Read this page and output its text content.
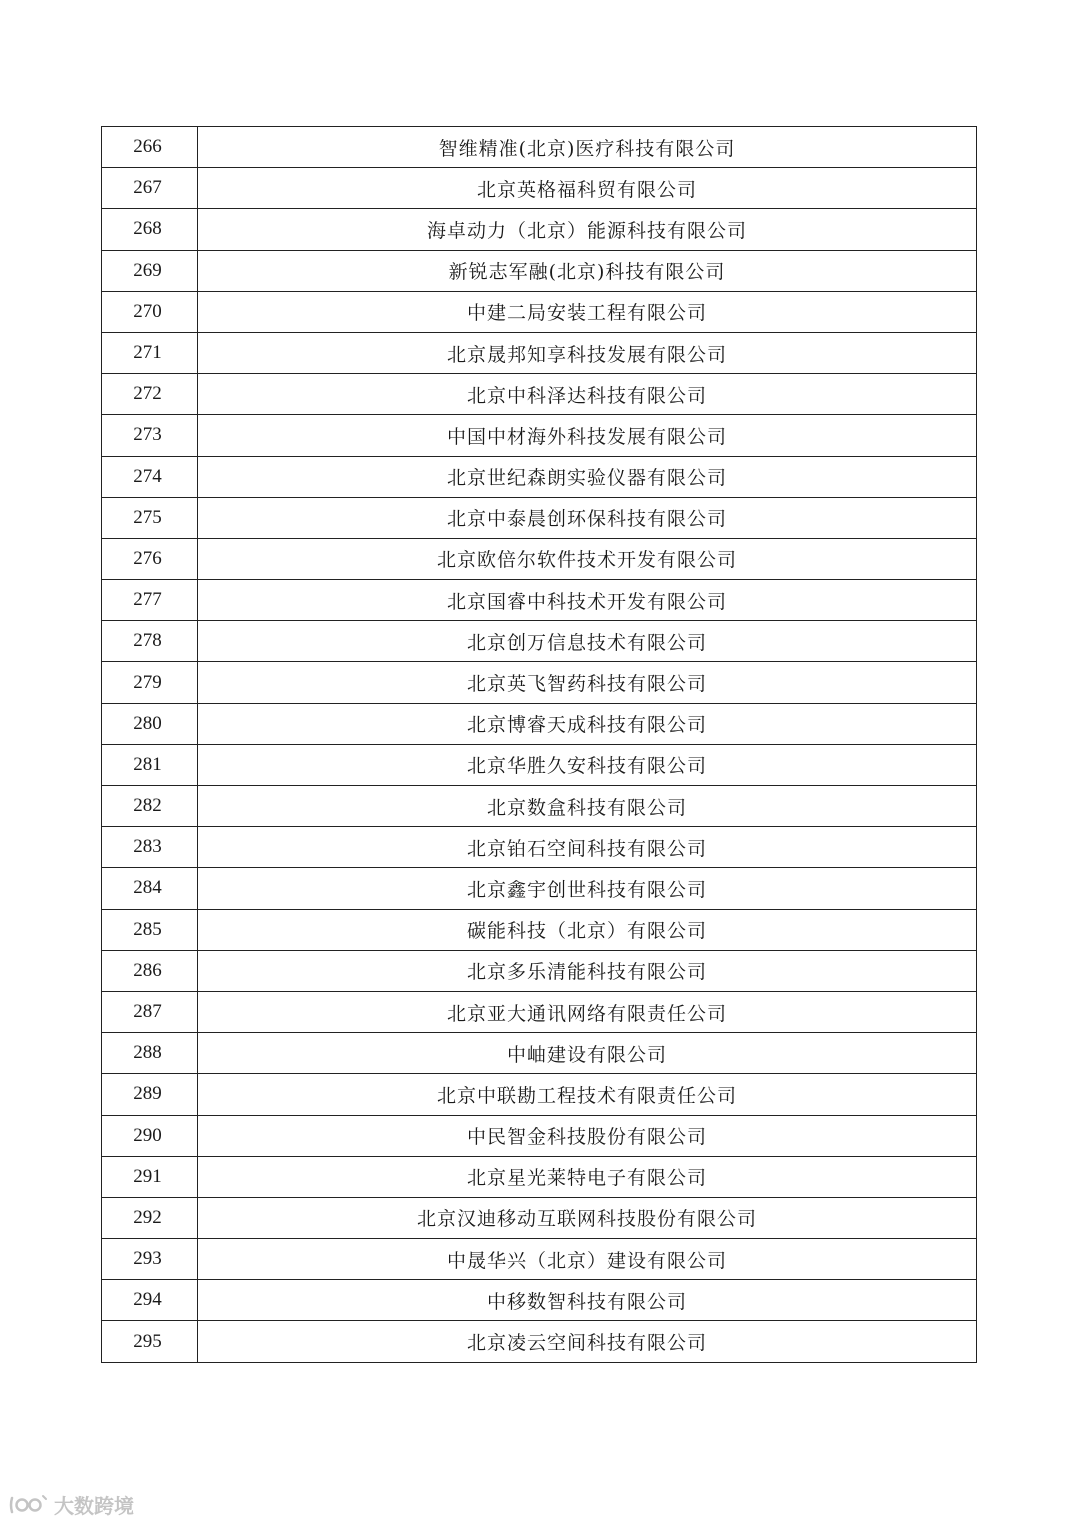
266	智维精准(北京)医疗科技有限公司
267	北京英格福科贸有限公司
268	海卓动力（北京）能源科技有限公司
269	新锐志军融(北京)科技有限公司
270	中建二局安装工程有限公司
271	北京晟邦知享科技发展有限公司
272	北京中科泽达科技有限公司
273	中国中材海外科技发展有限公司
274	北京世纪森朗实验仪器有限公司
275	北京中泰晨创环保科技有限公司
276	北京欧倍尔软件技术开发有限公司
277	北京国睿中科技术开发有限公司
278	北京创万信息技术有限公司
279	北京英飞智药科技有限公司
280	北京博睿天成科技有限公司
281	北京华胜久安科技有限公司
282	北京数盒科技有限公司
283	北京铂石空间科技有限公司
284	北京鑫宇创世科技有限公司
285	碳能科技（北京）有限公司
286	北京多乐清能科技有限公司
287	北京亚大通讯网络有限责任公司
288	中岫建设有限公司
289	北京中联勘工程技术有限责任公司
290	中民智金科技股份有限公司
291	北京星光莱特电子有限公司
292	北京汉迪移动互联网科技股份有限公司
293	中晟华兴（北京）建设有限公司
294	中移数智科技有限公司
295	北京凌云空间科技有限公司
大数跨境
